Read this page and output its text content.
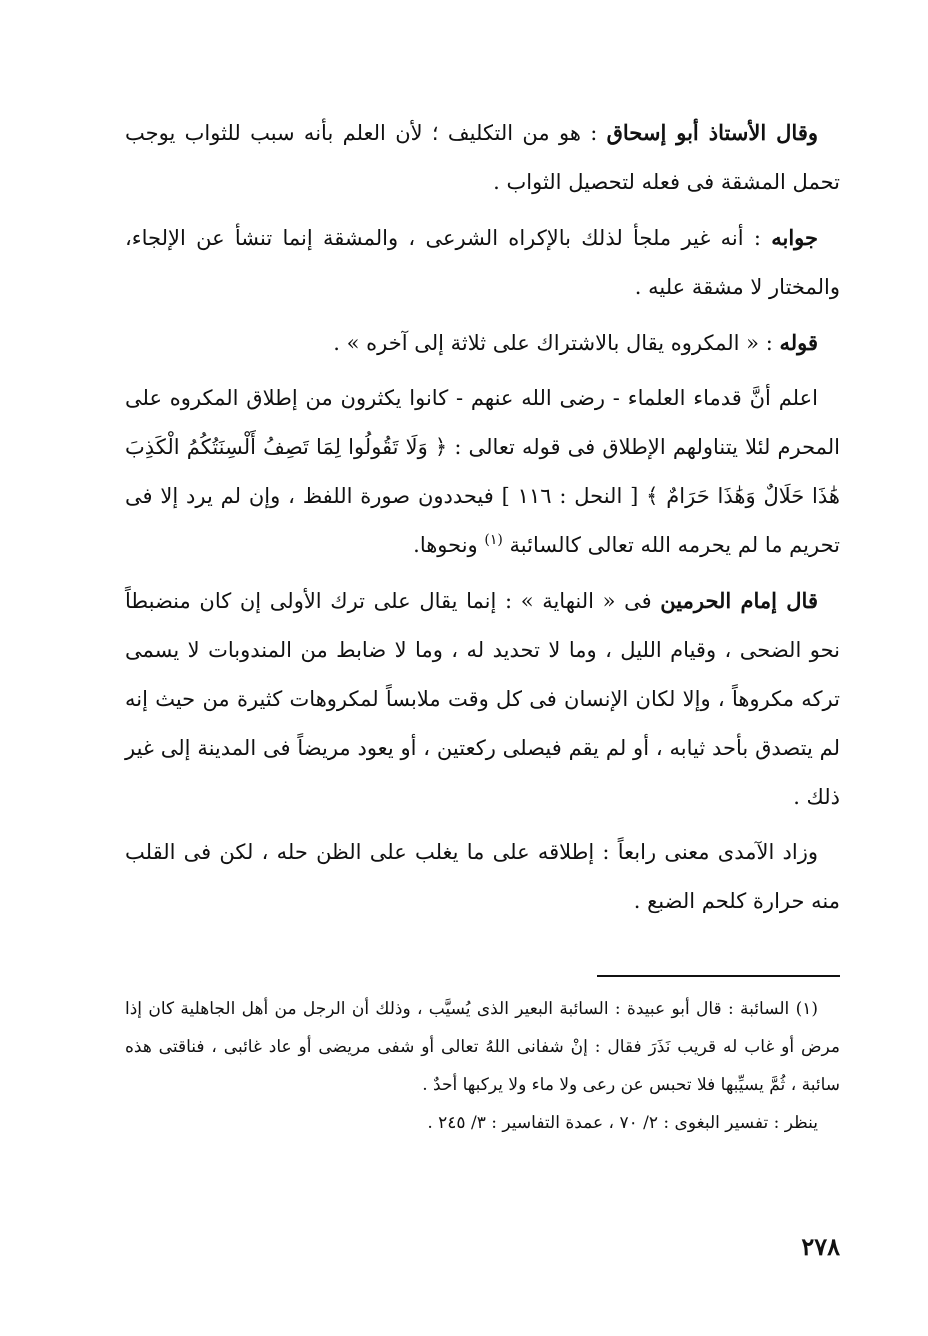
وقال الأستاذ أبو إسحاق : هو من التكليف ؛ لأن العلم بأنه سبب للثواب يوجب تحمل المشقة فى فعله لتحصيل الثواب .

جوابه : أنه غير ملجأ لذلك بالإكراه الشرعى ، والمشقة إنما تنشأ عن الإلجاء، والمختار لا مشقة عليه .

قوله : « المكروه يقال بالاشتراك على ثلاثة إلى آخره » .

اعلم أنَّ قدماء العلماء - رضى الله عنهم - كانوا يكثرون من إطلاق المكروه على المحرم لئلا يتناولهم الإطلاق فى قوله تعالى : ﴿ وَلَا تَقُولُوا لِمَا تَصِفُ أَلْسِنَتُكُمُ الْكَذِبَ هَٰذَا حَلَالٌ وَهَٰذَا حَرَامٌ ﴾ [ النحل : ١١٦ ] فيحددون صورة اللفظ ، وإن لم يرد إلا فى تحريم ما لم يحرمه الله تعالى كالسائبة $^{(١)}$ ونحوها.

قال إمام الحرمين فى « النهاية » : إنما يقال على ترك الأولى إن كان منضبطاً نحو الضحى ، وقيام الليل ، وما لا تحديد له ، وما لا ضابط من المندوبات لا يسمى تركه مكروهاً ، وإلا لكان الإنسان فى كل وقت ملابساً لمكروهات كثيرة من حيث إنه لم يتصدق بأحد ثيابه ، أو لم يقم فيصلى ركعتين ، أو يعود مريضاً فى المدينة إلى غير ذلك .

وزاد الآمدى معنى رابعاً : إطلاقه على ما يغلب على الظن حله ، لكن فى القلب منه حرارة كلحم الضبع .

(١) السائبة : قال أبو عبيدة : السائبة البعير الذى يُسيَّب ، وذلك أن الرجل من أهل الجاهلية كان إذا مرض أو غاب له قريب نَذَرَ فقال : إنْ شفانى اللهُ تعالى أو شفى مريضى أو عاد غائبى ، فناقتى هذه سائبة ، ثُمَّ يسيِّبها فلا تحبس عن رعى ولا ماء ولا يركبها أحدٌ .

ينظر : تفسير البغوى : ٢/ ٧٠ ، عمدة التفاسير : ٣/ ٢٤٥ .

٢٧٨
